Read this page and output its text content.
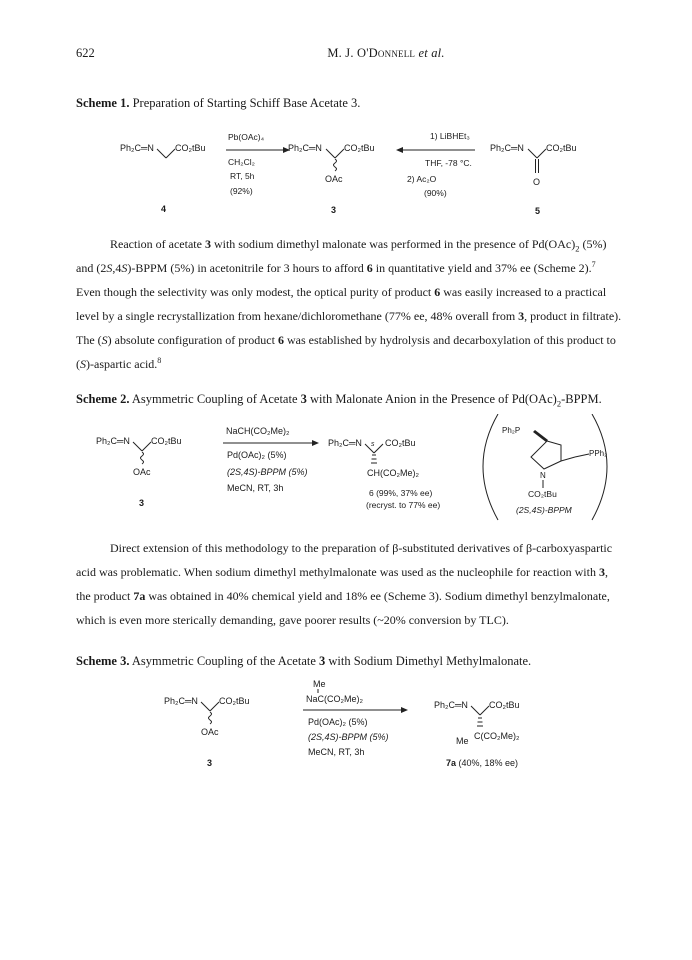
622	M. J. O'Donnell et al.
Scheme 1. Preparation of Starting Schiff Base Acetate 3.
Ph₂C═N CO₂tBu
4
Pb(OAc)₄
CH₂Cl₂
RT, 5h
(92%)
Ph₂C═N CO₂tBu
OAc
3
1) LiBHEt₃
THF, -78 °C.
2) Ac₂O
(90%)
Ph₂C═N CO₂tBu
O
5

Reaction of acetate 3 with sodium dimethyl malonate was performed in the presence of $Pd(OAc)_2$ (5%)

and (2S,4S)-BPPM (5%) in acetonitrile for 3 hours to afford 6 in quantitative yield and 37% ee (Scheme 2).$^7$

Even though the selectivity was only modest, the optical purity of product 6 was easily increased to a practical

level by a single recrystallization from hexane/dichloromethane (77% ee, 48% overall from 3, product in filtrate).

The (S) absolute configuration of product 6 was established by hydrolysis and decarboxylation of this product to

(S)-aspartic acid.$^8$

Scheme 2. Asymmetric Coupling of Acetate 3 with Malonate Anion in the Presence of $Pd(OAc)_2$-BPPM.
Ph₂C═N CO₂tBu
OAc
3
NaCH(CO₂Me)₂
Pd(OAc)₂ (5%)
(2S,4S)-BPPM (5%)
MeCN, RT, 3h
Ph₂C═N s CO₂tBu
CH(CO₂Me)₂
6 (99%, 37% ee)
(recryst. to 77% ee)
Ph₂P
PPh₂
N
CO₂tBu
(2S,4S)-BPPM

Direct extension of this methodology to the preparation of β-substituted derivatives of β-carboxyaspartic

acid was problematic. When sodium dimethyl methylmalonate was used as the nucleophile for reaction with 3,

the product 7a was obtained in 40% chemical yield and 18% ee (Scheme 3). Sodium dimethyl benzylmalonate,

which is even more sterically demanding, gave poorer results (~20% conversion by TLC).

Scheme 3. Asymmetric Coupling of the Acetate 3 with Sodium Dimethyl Methylmalonate.
Ph₂C═N CO₂tBu
OAc
3
Me
NaC(CO₂Me)₂
Pd(OAc)₂ (5%)
(2S,4S)-BPPM (5%)
MeCN, RT, 3h
Ph₂C═N CO₂tBu
Me C(CO₂Me)₂
7a (40%, 18% ee)
